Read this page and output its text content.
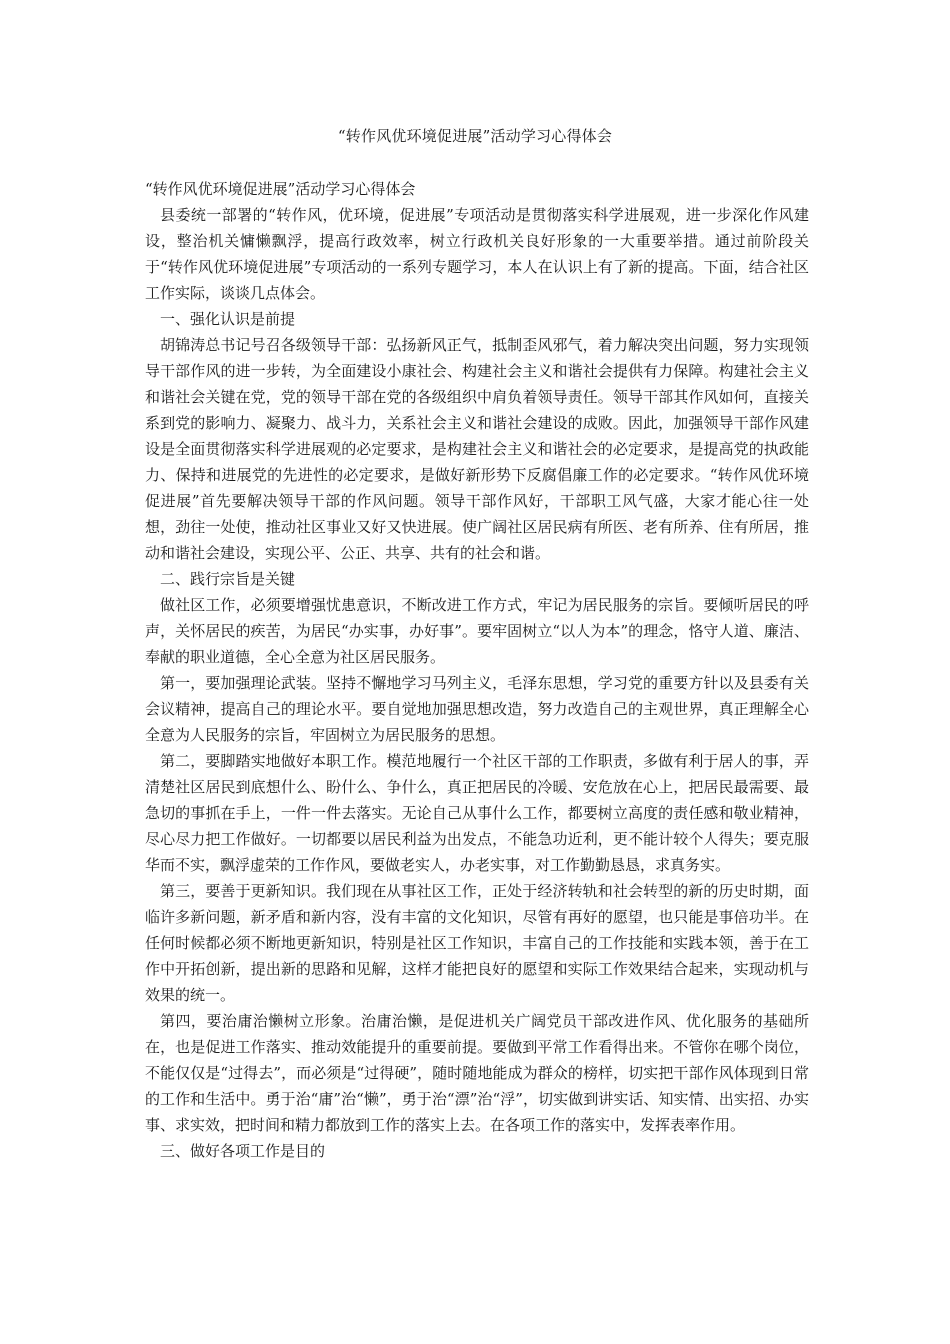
“转作风优环境促进展”活动学习心得体会

“转作风优环境促进展”活动学习心得体会

县委统一部署的“转作风，优环境，促进展”专项活动是贯彻落实科学进展观，进一步深化作风建设，整治机关慵懒飘浮，提高行政效率，树立行政机关良好形象的一大重要举措。通过前阶段关于“转作风优环境促进展”专项活动的一系列专题学习，本人在认识上有了新的提高。下面，结合社区工作实际，谈谈几点体会。

一、强化认识是前提

胡锦涛总书记号召各级领导干部：弘扬新风正气，抵制歪风邪气，着力解决突出问题，努力实现领导干部作风的进一步转，为全面建设小康社会、构建社会主义和谐社会提供有力保障。构建社会主义和谐社会关键在党，党的领导干部在党的各级组织中肩负着领导责任。领导干部其作风如何，直接关系到党的影响力、凝聚力、战斗力，关系社会主义和谐社会建设的成败。因此，加强领导干部作风建设是全面贯彻落实科学进展观的必定要求，是构建社会主义和谐社会的必定要求，是提高党的执政能力、保持和进展党的先进性的必定要求，是做好新形势下反腐倡廉工作的必定要求。“转作风优环境促进展”首先要解决领导干部的作风问题。领导干部作风好，干部职工风气盛，大家才能心往一处想，劲往一处使，推动社区事业又好又快进展。使广阔社区居民病有所医、老有所养、住有所居，推动和谐社会建设，实现公平、公正、共享、共有的社会和谐。

二、践行宗旨是关键

做社区工作，必须要增强忧患意识，不断改进工作方式，牢记为居民服务的宗旨。要倾听居民的呼声，关怀居民的疾苦，为居民“办实事，办好事”。要牢固树立“以人为本”的理念，恪守人道、廉洁、奉献的职业道德，全心全意为社区居民服务。

第一，要加强理论武装。坚持不懈地学习马列主义，毛泽东思想，学习党的重要方针以及县委有关会议精神，提高自己的理论水平。要自觉地加强思想改造，努力改造自己的主观世界，真正理解全心全意为人民服务的宗旨，牢固树立为居民服务的思想。

第二，要脚踏实地做好本职工作。模范地履行一个社区干部的工作职责，多做有利于居人的事，弄清楚社区居民到底想什么、盼什么、争什么，真正把居民的冷暖、安危放在心上，把居民最需要、最急切的事抓在手上，一件一件去落实。无论自己从事什么工作，都要树立高度的责任感和敬业精神，尽心尽力把工作做好。一切都要以居民利益为出发点，不能急功近利，更不能计较个人得失；要克服华而不实，飘浮虚荣的工作作风，要做老实人，办老实事，对工作勤勤恳恳，求真务实。

第三，要善于更新知识。我们现在从事社区工作，正处于经济转轨和社会转型的新的历史时期，面临许多新问题，新矛盾和新内容，没有丰富的文化知识，尽管有再好的愿望，也只能是事倍功半。在任何时候都必须不断地更新知识，特别是社区工作知识，丰富自己的工作技能和实践本领，善于在工作中开拓创新，提出新的思路和见解，这样才能把良好的愿望和实际工作效果结合起来，实现动机与效果的统一。

第四，要治庸治懒树立形象。治庸治懒，是促进机关广阔党员干部改进作风、优化服务的基础所在，也是促进工作落实、推动效能提升的重要前提。要做到平常工作看得出来。不管你在哪个岗位，不能仅仅是“过得去”，而必须是“过得硬”，随时随地能成为群众的榜样，切实把干部作风体现到日常的工作和生活中。勇于治“庸”治“懒”，勇于治“漂”治“浮”，切实做到讲实话、知实情、出实招、办实事、求实效，把时间和精力都放到工作的落实上去。在各项工作的落实中，发挥表率作用。

三、做好各项工作是目的
